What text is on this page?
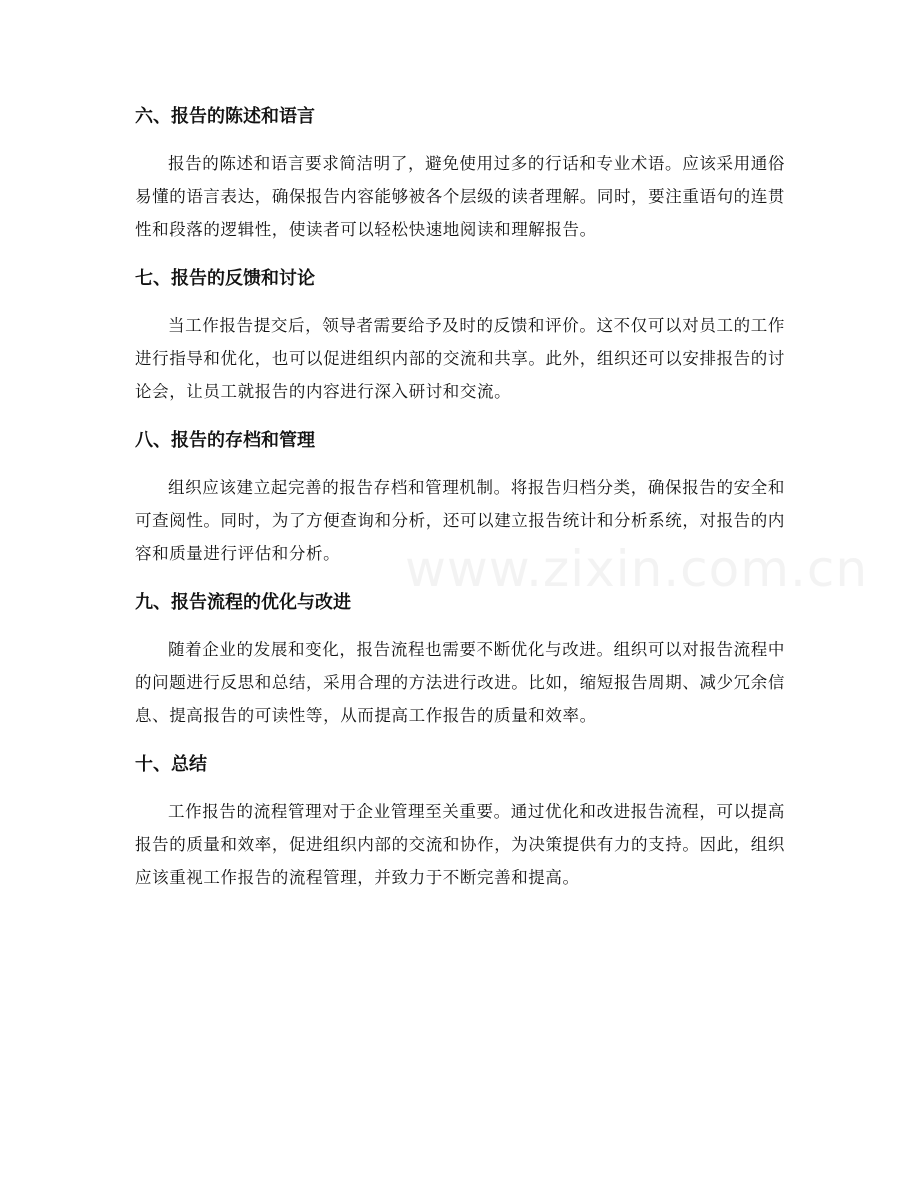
www.zixin.com.cn
六、报告的陈述和语言

报告的陈述和语言要求简洁明了，避免使用过多的行话和专业术语。应该采用通俗易懂的语言表达，确保报告内容能够被各个层级的读者理解。同时，要注重语句的连贯性和段落的逻辑性，使读者可以轻松快速地阅读和理解报告。

七、报告的反馈和讨论

当工作报告提交后，领导者需要给予及时的反馈和评价。这不仅可以对员工的工作进行指导和优化，也可以促进组织内部的交流和共享。此外，组织还可以安排报告的讨论会，让员工就报告的内容进行深入研讨和交流。

八、报告的存档和管理

组织应该建立起完善的报告存档和管理机制。将报告归档分类，确保报告的安全和可查阅性。同时，为了方便查询和分析，还可以建立报告统计和分析系统，对报告的内容和质量进行评估和分析。

九、报告流程的优化与改进

随着企业的发展和变化，报告流程也需要不断优化与改进。组织可以对报告流程中的问题进行反思和总结，采用合理的方法进行改进。比如，缩短报告周期、减少冗余信息、提高报告的可读性等，从而提高工作报告的质量和效率。

十、总结

工作报告的流程管理对于企业管理至关重要。通过优化和改进报告流程，可以提高报告的质量和效率，促进组织内部的交流和协作，为决策提供有力的支持。因此，组织应该重视工作报告的流程管理，并致力于不断完善和提高。
